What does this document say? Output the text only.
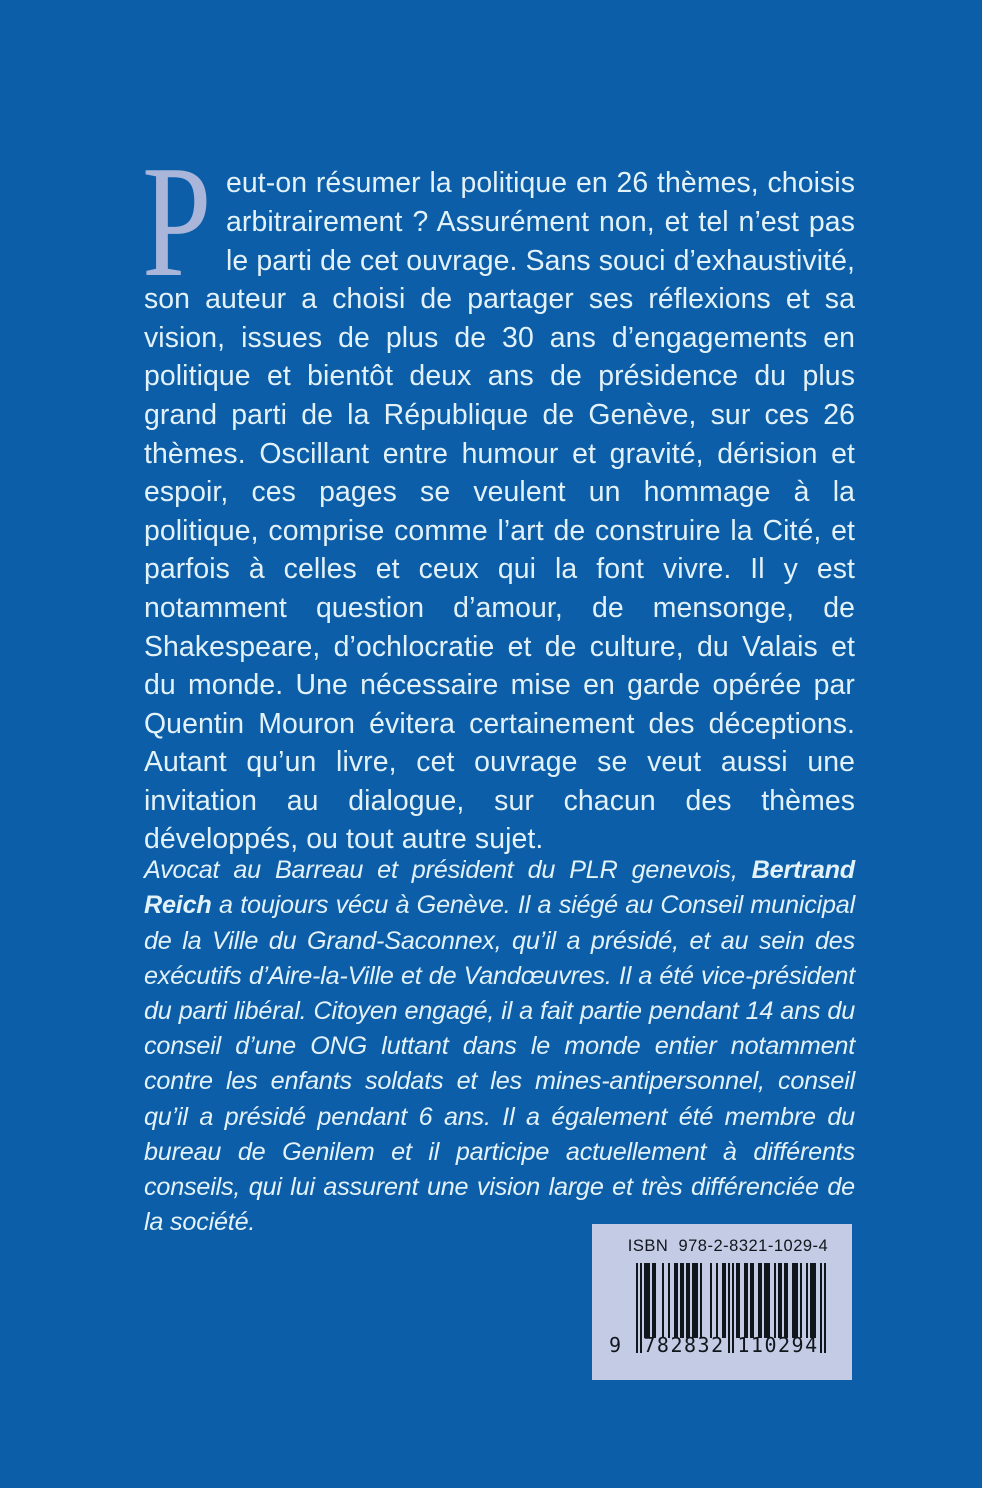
Peut-on résumer la politique en 26 thèmes, choisis arbitrairement ? Assurément non, et tel n’est pas le parti de cet ouvrage. Sans souci d’exhaustivité, son auteur a choisi de partager ses réflexions et sa vision, issues de plus de 30 ans d’engagements en politique et bientôt deux ans de présidence du plus grand parti de la République de Genève, sur ces 26 thèmes. Oscillant entre humour et gravité, dérision et espoir, ces pages se veulent un hommage à la politique, comprise comme l’art de construire la Cité, et parfois à celles et ceux qui la font vivre. Il y est notamment question d’amour, de mensonge, de Shakespeare, d’ochlocratie et de culture, du Valais et du monde. Une nécessaire mise en garde opérée par Quentin Mouron évitera certainement des déceptions. Autant qu’un livre, cet ouvrage se veut aussi une invitation au dialogue, sur chacun des thèmes développés, ou tout autre sujet.

Avocat au Barreau et président du PLR genevois, Bertrand Reich a toujours vécu à Genève. Il a siégé au Conseil municipal de la Ville du Grand-Saconnex, qu’il a présidé, et au sein des exécutifs d’Aire-la-Ville et de Vandœuvres. Il a été vice-président du parti libéral. Citoyen engagé, il a fait partie pendant 14 ans du conseil d’une ONG luttant dans le monde entier notamment contre les enfants soldats et les mines-antipersonnel, conseil qu’il a présidé pendant 6 ans. Il a également été membre du bureau de Genilem et il participe actuellement à différents conseils, qui lui assurent une vision large et très différenciée de la société.

ISBN  978-2-8321-1029-4
9 782832 110294
